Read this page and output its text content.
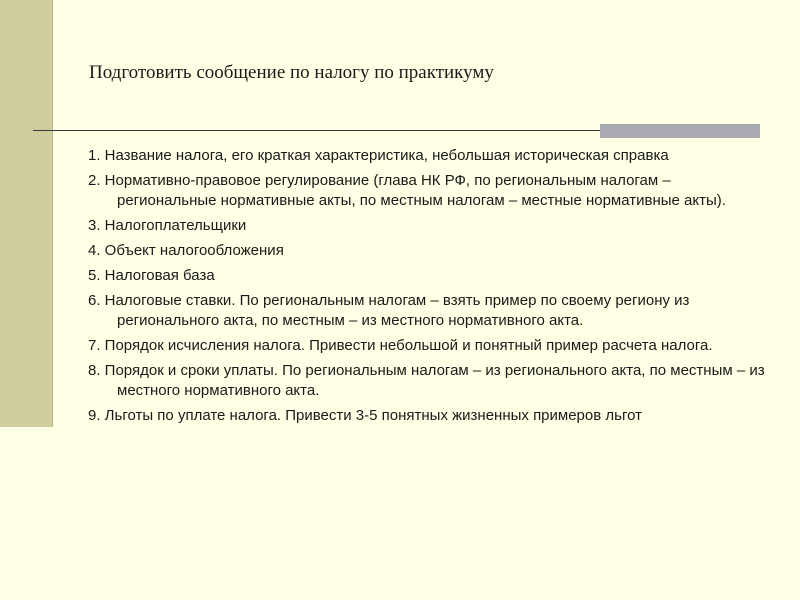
Подготовить сообщение по налогу по практикуму
1. Название налога, его краткая характеристика, небольшая историческая справка
2. Нормативно-правовое регулирование (глава НК РФ, по региональным налогам – региональные нормативные акты, по местным налогам – местные нормативные акты).
3. Налогоплательщики
4. Объект налогообложения
5. Налоговая база
6. Налоговые ставки. По региональным налогам – взять пример по своему региону из регионального акта, по местным – из местного нормативного акта.
7. Порядок исчисления налога. Привести небольшой и понятный пример расчета налога.
8. Порядок и сроки уплаты. По региональным налогам – из регионального акта, по местным – из местного нормативного акта.
9. Льготы по уплате налога. Привести 3-5 понятных жизненных примеров льгот
